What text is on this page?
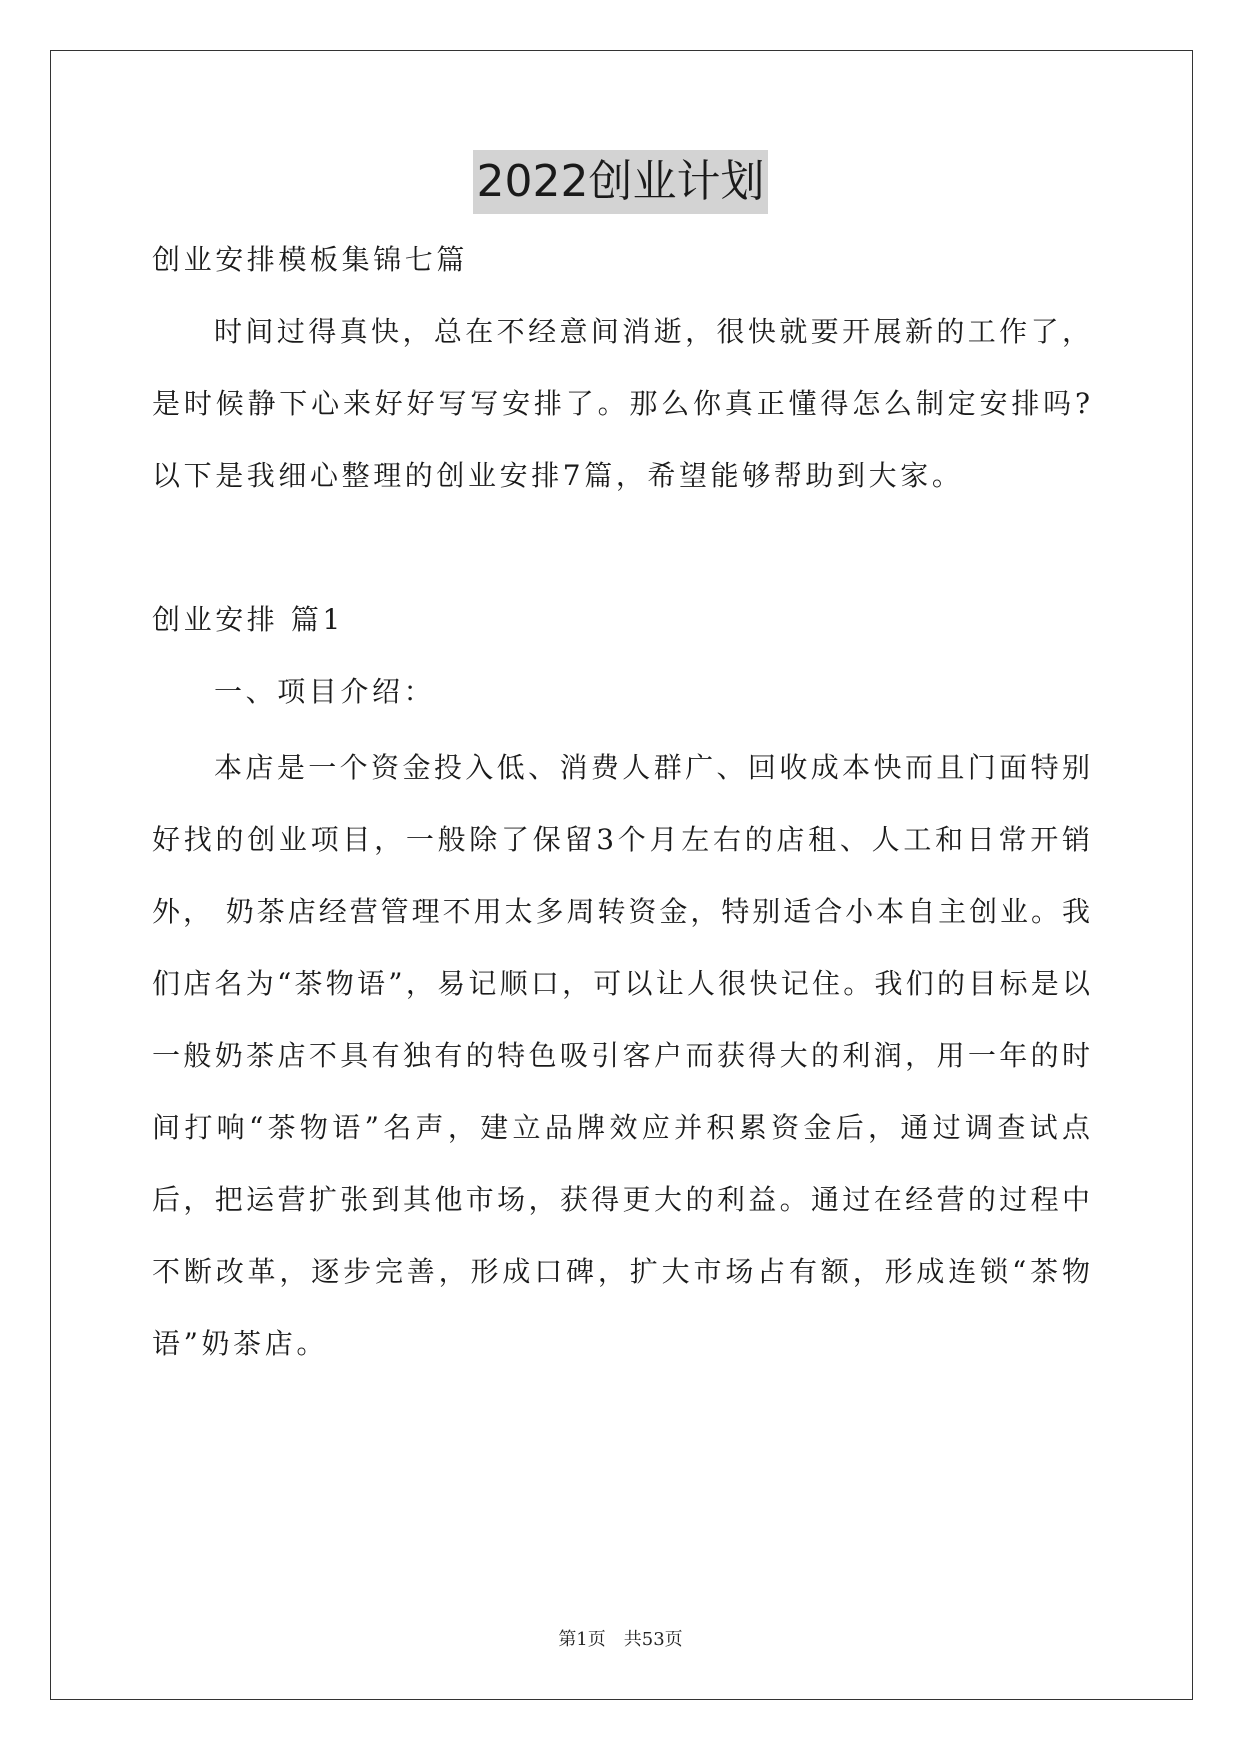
2022创业计划
创业安排模板集锦七篇
时间过得真快，总在不经意间消逝，很快就要开展新的工作了，
是时候静下心来好好写写安排了。那么你真正懂得怎么制定安排吗?
以下是我细心整理的创业安排7篇，希望能够帮助到大家。
创业安排 篇1
一、项目介绍：
本店是一个资金投入低、消费人群广、回收成本快而且门面特别
好找的创业项目，一般除了保留3个月左右的店租、人工和日常开销
外， 奶茶店经营管理不用太多周转资金，特别适合小本自主创业。我
们店名为“茶物语”，易记顺口，可以让人很快记住。我们的目标是以
一般奶茶店不具有独有的特色吸引客户而获得大的利润，用一年的时
间打响“茶物语”名声，建立品牌效应并积累资金后，通过调查试点
后，把运营扩张到其他市场，获得更大的利益。通过在经营的过程中
不断改革，逐步完善，形成口碑，扩大市场占有额，形成连锁“茶物
语”奶茶店。
第1页　共53页
